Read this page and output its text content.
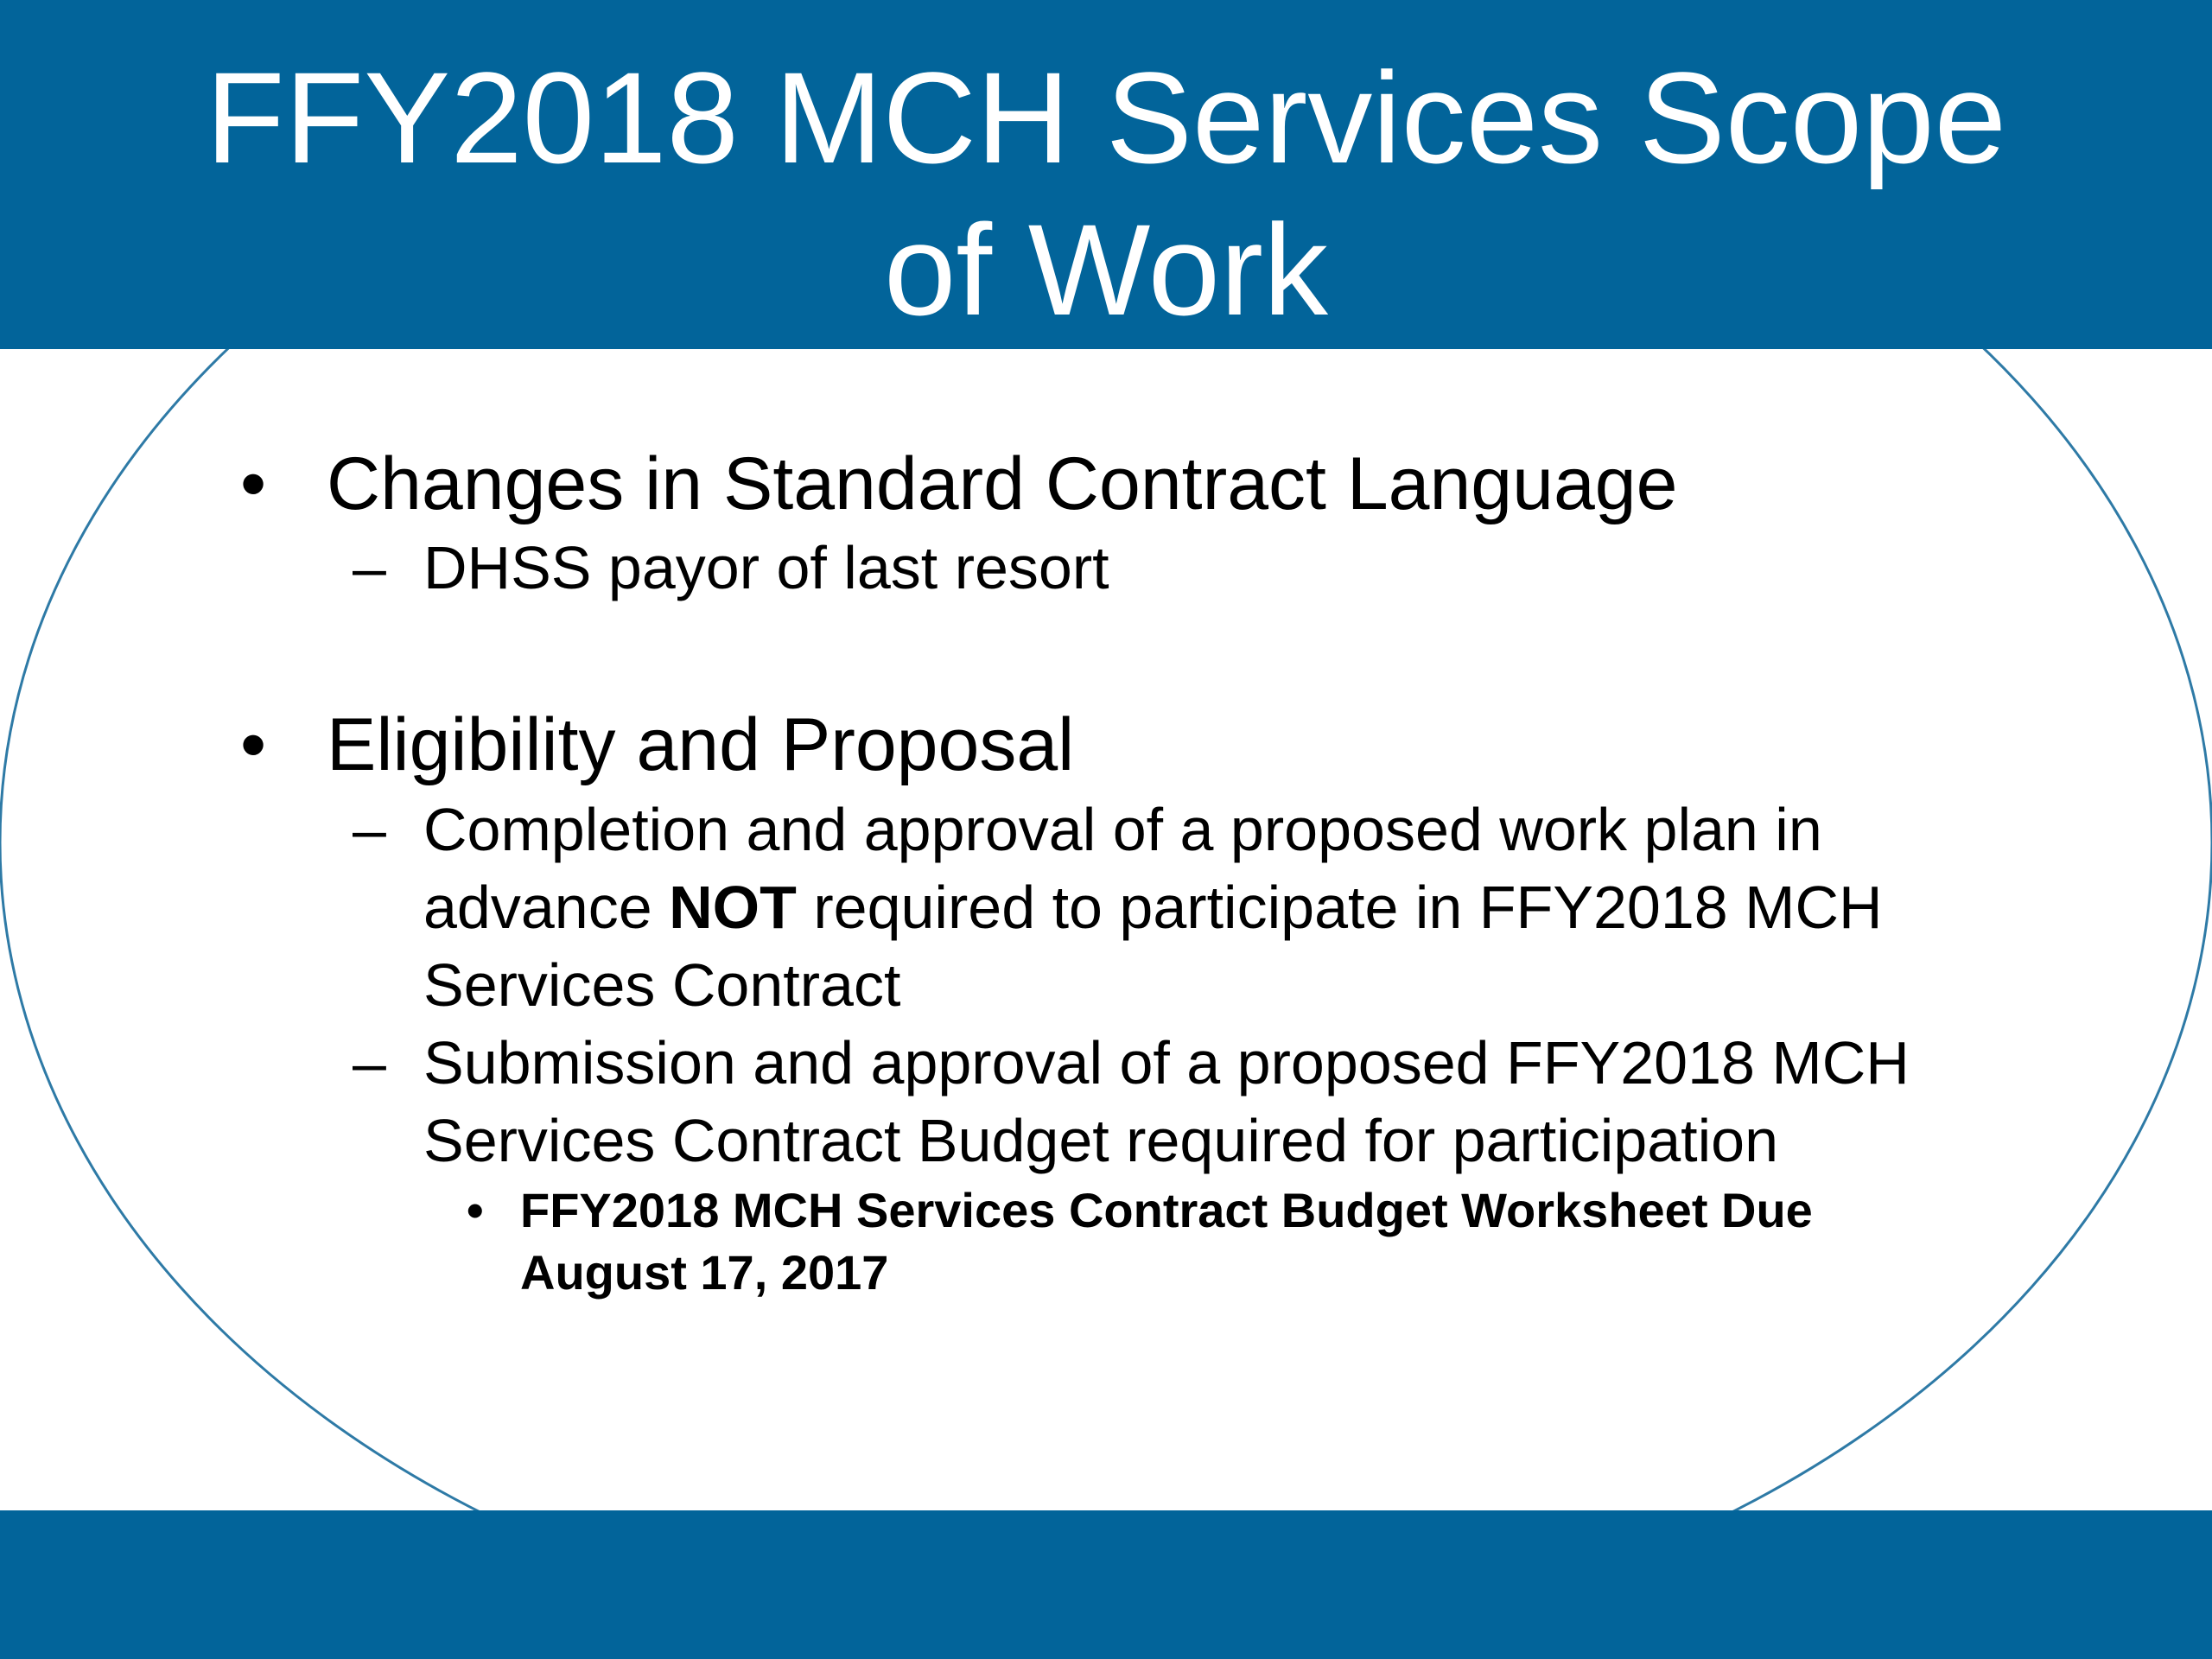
FFY2018 MCH Services Scope
of Work
• Changes in Standard Contract Language
– DHSS payor of last resort
• Eligibility and Proposal
– Completion and approval of a proposed work plan in
advance NOT required to participate in FFY2018 MCH
Services Contract
– Submission and approval of a proposed FFY2018 MCH
Services Contract Budget required for participation
• FFY2018 MCH Services Contract Budget Worksheet Due
August 17, 2017
